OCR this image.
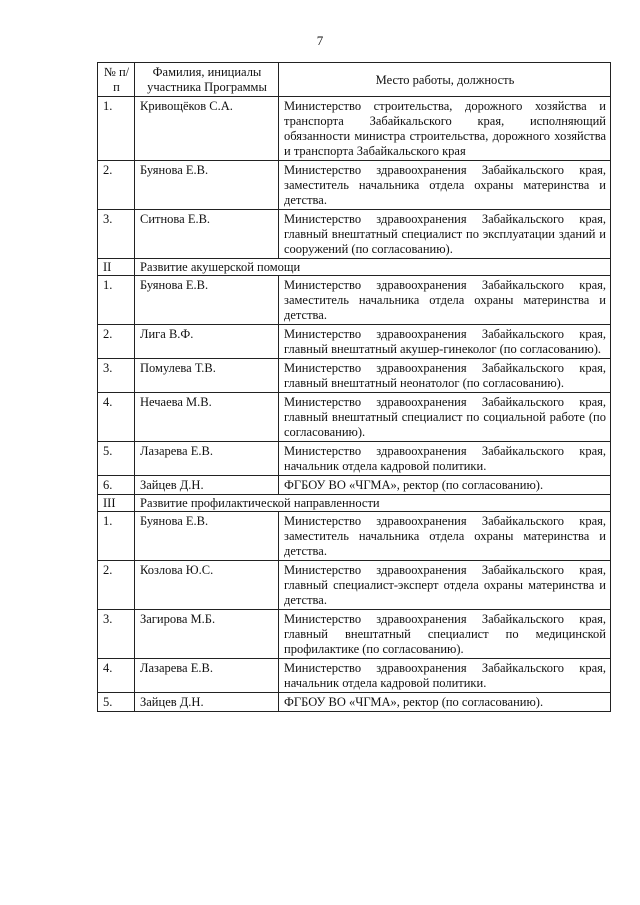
7
№ п/п	Фамилия, инициалы участника Программы	Место работы, должность
1.	Кривощёков С.А.	Министерство строительства, дорожного хозяйства и транспорта Забайкальского края, исполняющий обязанности министра строительства, дорожного хозяйства и транспорта Забайкальского края
2.	Буянова Е.В.	Министерство здравоохранения Забайкальского края, заместитель начальника отдела охраны материнства и детства.
3.	Ситнова Е.В.	Министерство здравоохранения Забайкальского края, главный внештатный специалист по эксплуатации зданий и сооружений (по согласованию).
II	Развитие акушерской помощи	
1.	Буянова Е.В.	Министерство здравоохранения Забайкальского края, заместитель начальника отдела охраны материнства и детства.
2.	Лига В.Ф.	Министерство здравоохранения Забайкальского края, главный внештатный акушер-гинеколог (по согласованию).
3.	Помулева Т.В.	Министерство здравоохранения Забайкальского края, главный внештатный неонатолог (по согласованию).
4.	Нечаева М.В.	Министерство здравоохранения Забайкальского края, главный внештатный специалист по социальной работе (по согласованию).
5.	Лазарева Е.В.	Министерство здравоохранения Забайкальского края, начальник отдела кадровой политики.
6.	Зайцев Д.Н.	ФГБОУ ВО «ЧГМА», ректор (по согласованию).
III	Развитие профилактической направленности	
1.	Буянова Е.В.	Министерство здравоохранения Забайкальского края, заместитель начальника отдела охраны материнства и детства.
2.	Козлова Ю.С.	Министерство здравоохранения Забайкальского края, главный специалист-эксперт отдела охраны материнства и детства.
3.	Загирова М.Б.	Министерство здравоохранения Забайкальского края, главный внештатный специалист по медицинской профилактике (по согласованию).
4.	Лазарева Е.В.	Министерство здравоохранения Забайкальского края, начальник отдела кадровой политики.
5.	Зайцев Д.Н.	ФГБОУ ВО «ЧГМА», ректор (по согласованию).
